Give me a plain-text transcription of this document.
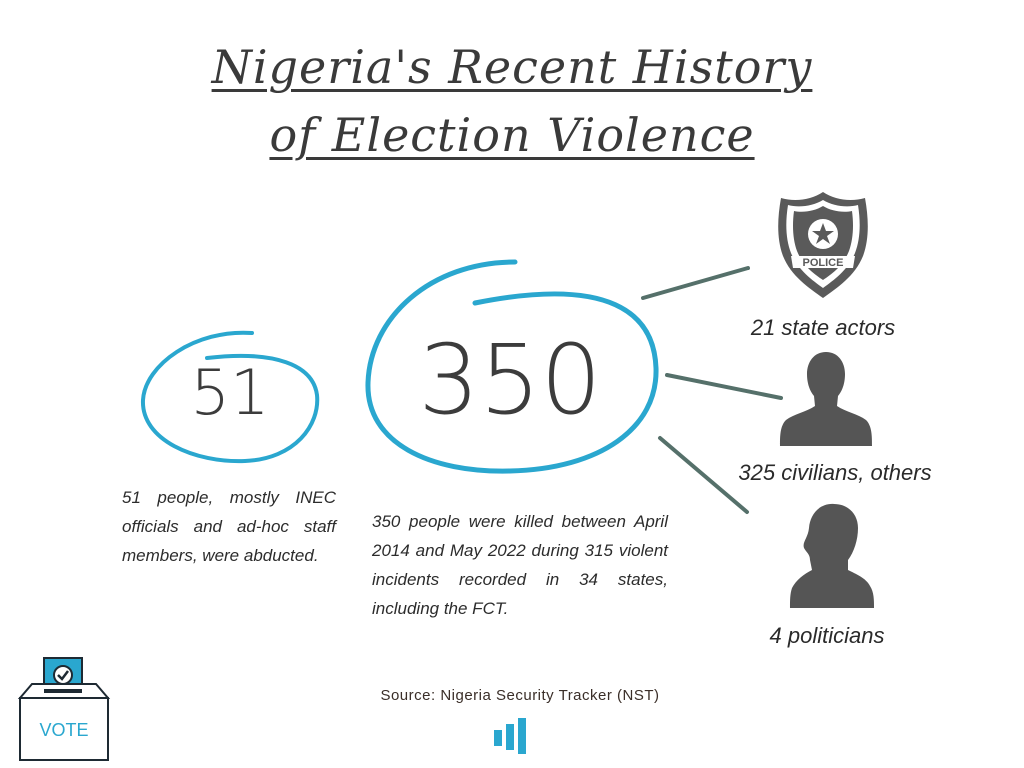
Nigeria's Recent History
of Election Violence
51	350
51 people, mostly INEC officials and ad-hoc staff members, were abducted.
350 people were killed between April 2014 and May 2022 during 315 violent incidents recorded in 34 states, including the FCT.
POLICE
21 state actors
325 civilians, others
4 politicians
Source: Nigeria Security Tracker (NST)
VOTE
